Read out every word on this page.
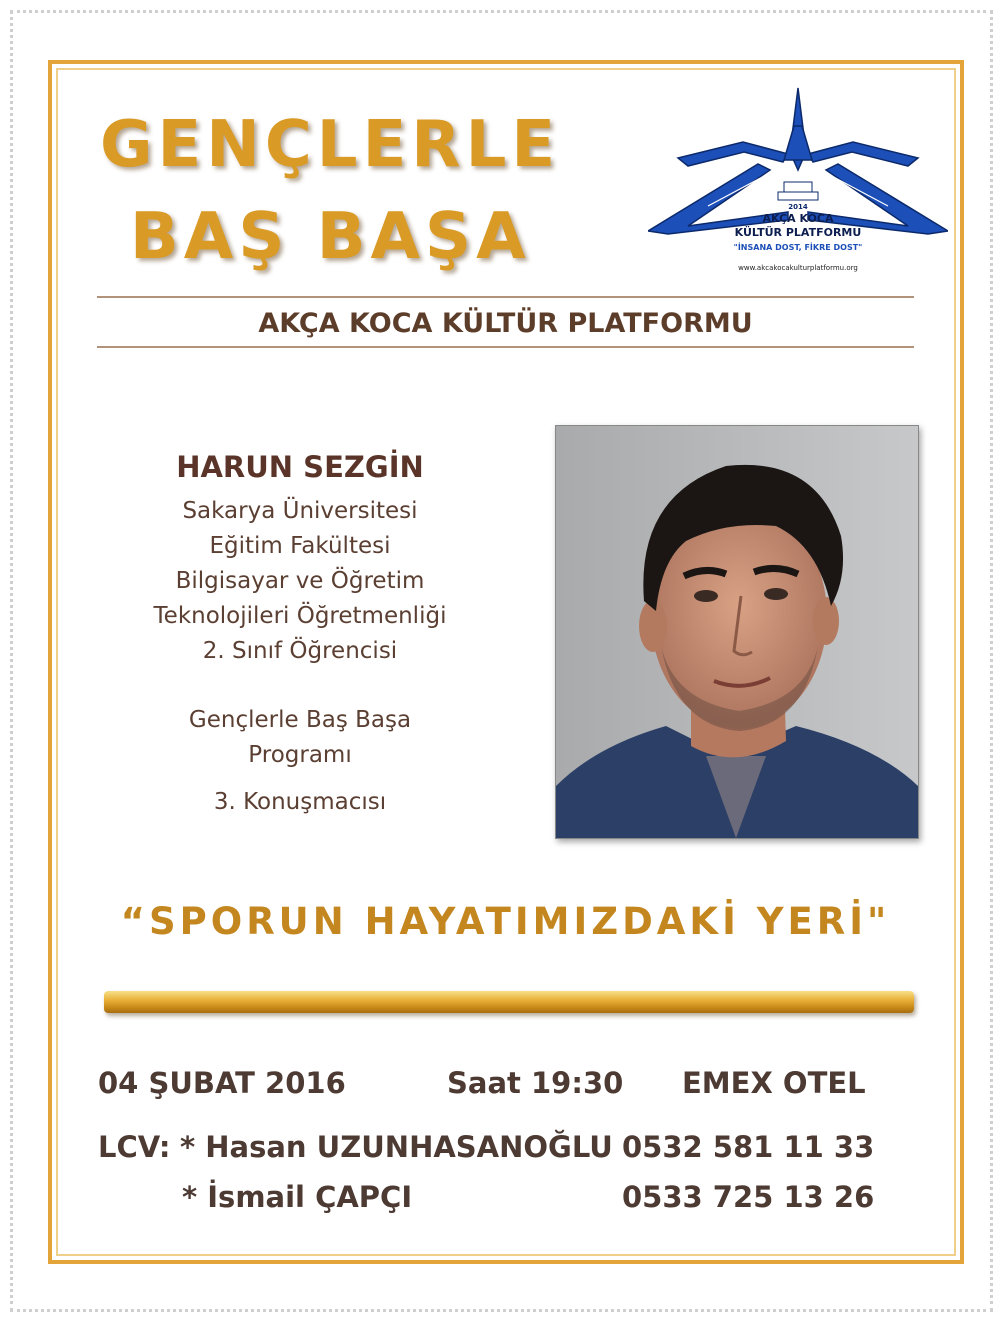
GENÇLERLE
BAŞ BAŞA	2014
AKÇA KOCA
KÜLTÜR PLATFORMU
"İNSANA DOST, FİKRE DOST"
www.akcakocakulturplatformu.org
AKÇA KOCA KÜLTÜR PLATFORMU
HARUN SEZGİN
Sakarya Üniversitesi
Eğitim Fakültesi
Bilgisayar ve Öğretim
Teknolojileri Öğretmenliği
2. Sınıf Öğrencisi
Gençlerle Baş Başa
Programı
3. Konuşmacısı
“SPORUN HAYATIMIZDAKİ YERİ"
04 ŞUBAT 2016	Saat 19:30 EMEX OTEL
LCV: * Hasan UZUNHASANOĞLU 0532 581 11 33
* İsmail ÇAPÇI	0533 725 13 26
